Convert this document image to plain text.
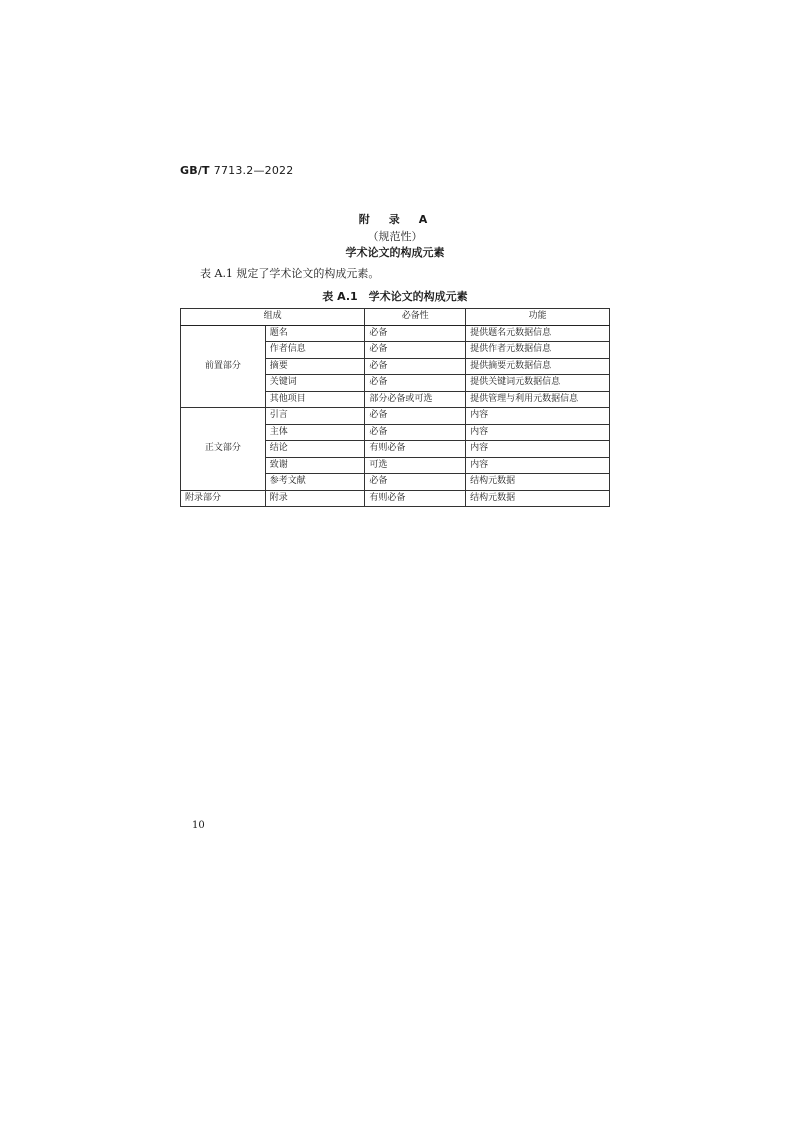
GB/T 7713.2—2022
附　录　A
（规范性）
学术论文的构成元素
表 A.1 规定了学术论文的构成元素。
表 A.1　学术论文的构成元素
组成		必备性	功能
前置部分	题名	必备	提供题名元数据信息
	作者信息	必备	提供作者元数据信息
	摘要	必备	提供摘要元数据信息
	关键词	必备	提供关键词元数据信息
	其他项目	部分必备或可选	提供管理与利用元数据信息
正文部分	引言	必备	内容
	主体	必备	内容
	结论	有则必备	内容
	致谢	可选	内容
	参考文献	必备	结构元数据
附录部分	附录	有则必备	结构元数据
10
